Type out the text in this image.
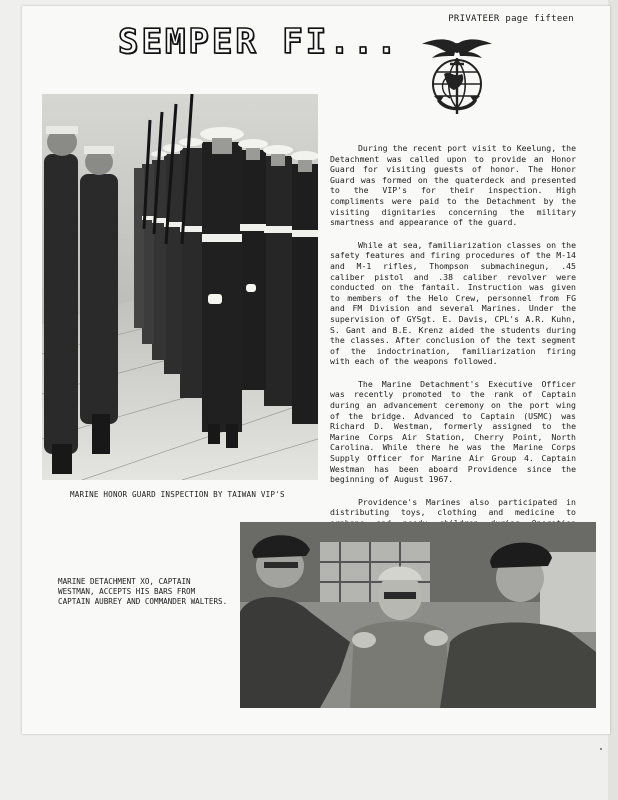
PRIVATEER page fifteen
SEMPER FI...

During the recent port visit to Keelung, the Detachment was called upon to provide an Honor Guard for visiting guests of honor. The Honor Guard was formed on the quaterdeck and presented to the VIP's for their inspection. High compliments were paid to the Detachment by the visiting dignitaries concerning the military smartness and appearance of the guard.

While at sea, familiarization classes on the safety features and firing procedures of the M-14 and M-1 rifles, Thompson submachinegun, .45 caliber pistol and .38 caliber revolver were conducted on the fantail. Instruction was given to members of the Helo Crew, personnel from FG and FM Division and several Marines. Under the supervision of GYSgt. E. Davis, CPL's A.R. Kuhn, S. Gant and B.E. Krenz aided the students during the classes. After conclusion of the text segment of the indoctrination, familiarization firing with each of the weapons followed.

The Marine Detachment's Executive Officer was recently promoted to the rank of Captain during an advancement ceremony on the port wing of the bridge. Advanced to Captain (USMC) was Richard D. Westman, formerly assigned to the Marine Corps Air Station, Cherry Point, North Carolina. While there he was the Marine Corps Supply Officer for Marine Air Group 4. Captain Westman has been aboard Providence since the beginning of August 1967.

Providence's Marines also participated in distributing toys, clothing and medicine to

MARINE HONOR GUARD INSPECTION BY TAIWAN VIP'S
MARINE DETACHMENT XO, CAPTAIN WESTMAN, ACCEPTS HIS BARS FROM CAPTAIN AUBREY AND COMMANDER WALTERS.
